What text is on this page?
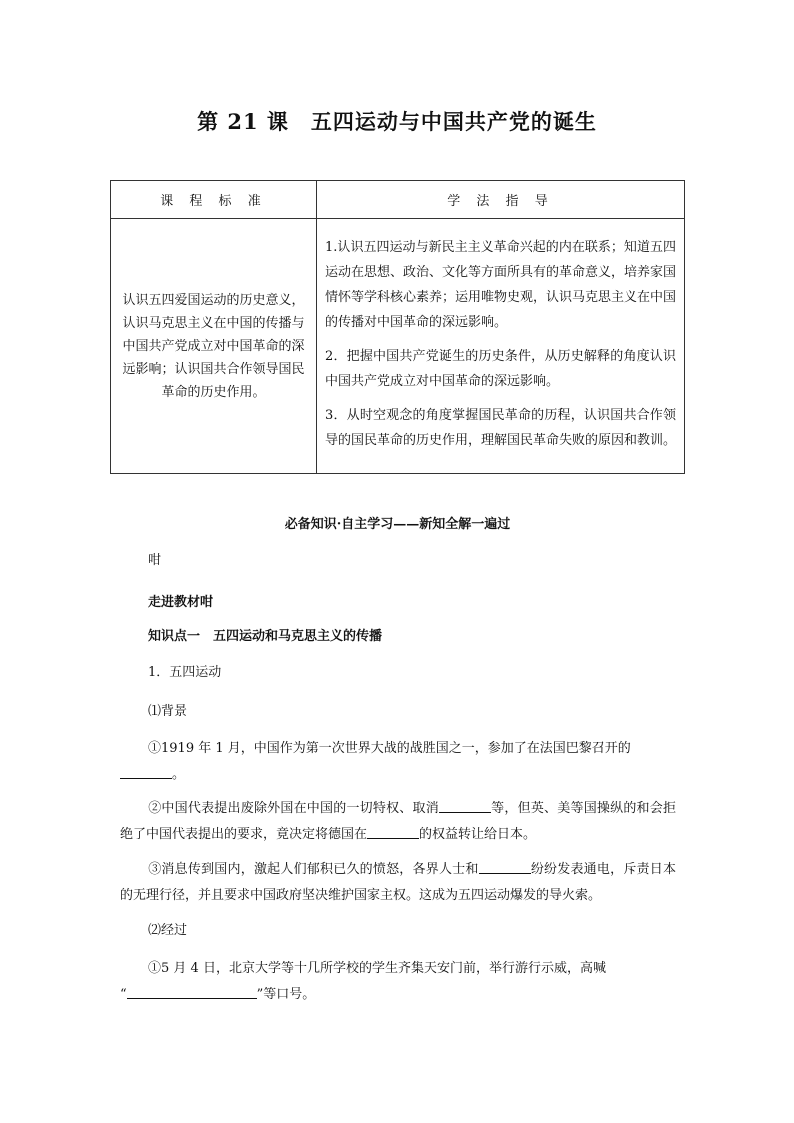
第 21 课　五四运动与中国共产党的诞生
课 程 标 准	学 法 指 导
认识五四爱国运动的历史意义，认识马克思主义在中国的传播与中国共产党成立对中国革命的深远影响；认识国共合作领导国民革命的历史作用。	1.认识五四运动与新民主主义革命兴起的内在联系；知道五四运动在思想、政治、文化等方面所具有的革命意义，培养家国情怀等学科核心素养；运用唯物史观，认识马克思主义在中国的传播对中国革命的深远影响。

2．把握中国共产党诞生的历史条件，从历史解释的角度认识中国共产党成立对中国革命的深远影响。

3．从时空观念的角度掌握国民革命的历程，认识国共合作领导的国民革命的历史作用，理解国民革命失败的原因和教训。

必备知识·自主学习——新知全解一遍过
咁
走进教材咁
知识点一　五四运动和马克思主义的传播
1．五四运动
⑴背景
①1919 年 1 月，中国作为第一次世界大战的战胜国之一，参加了在法国巴黎召开的
。
②中国代表提出废除外国在中国的一切特权、取消	等，但英、美等国操纵的和会拒绝了中国代表提出的要求，竟决定将德国在	的权益转让给日本。
③消息传到国内，激起人们郁积已久的愤怒，各界人士和	纷纷发表通电，斥责日本的无理行径，并且要求中国政府坚决维护国家主权。这成为五四运动爆发的导火索。
⑵经过
①5 月 4 日，北京大学等十几所学校的学生齐集天安门前，举行游行示威，高喊
“	”等口号。
